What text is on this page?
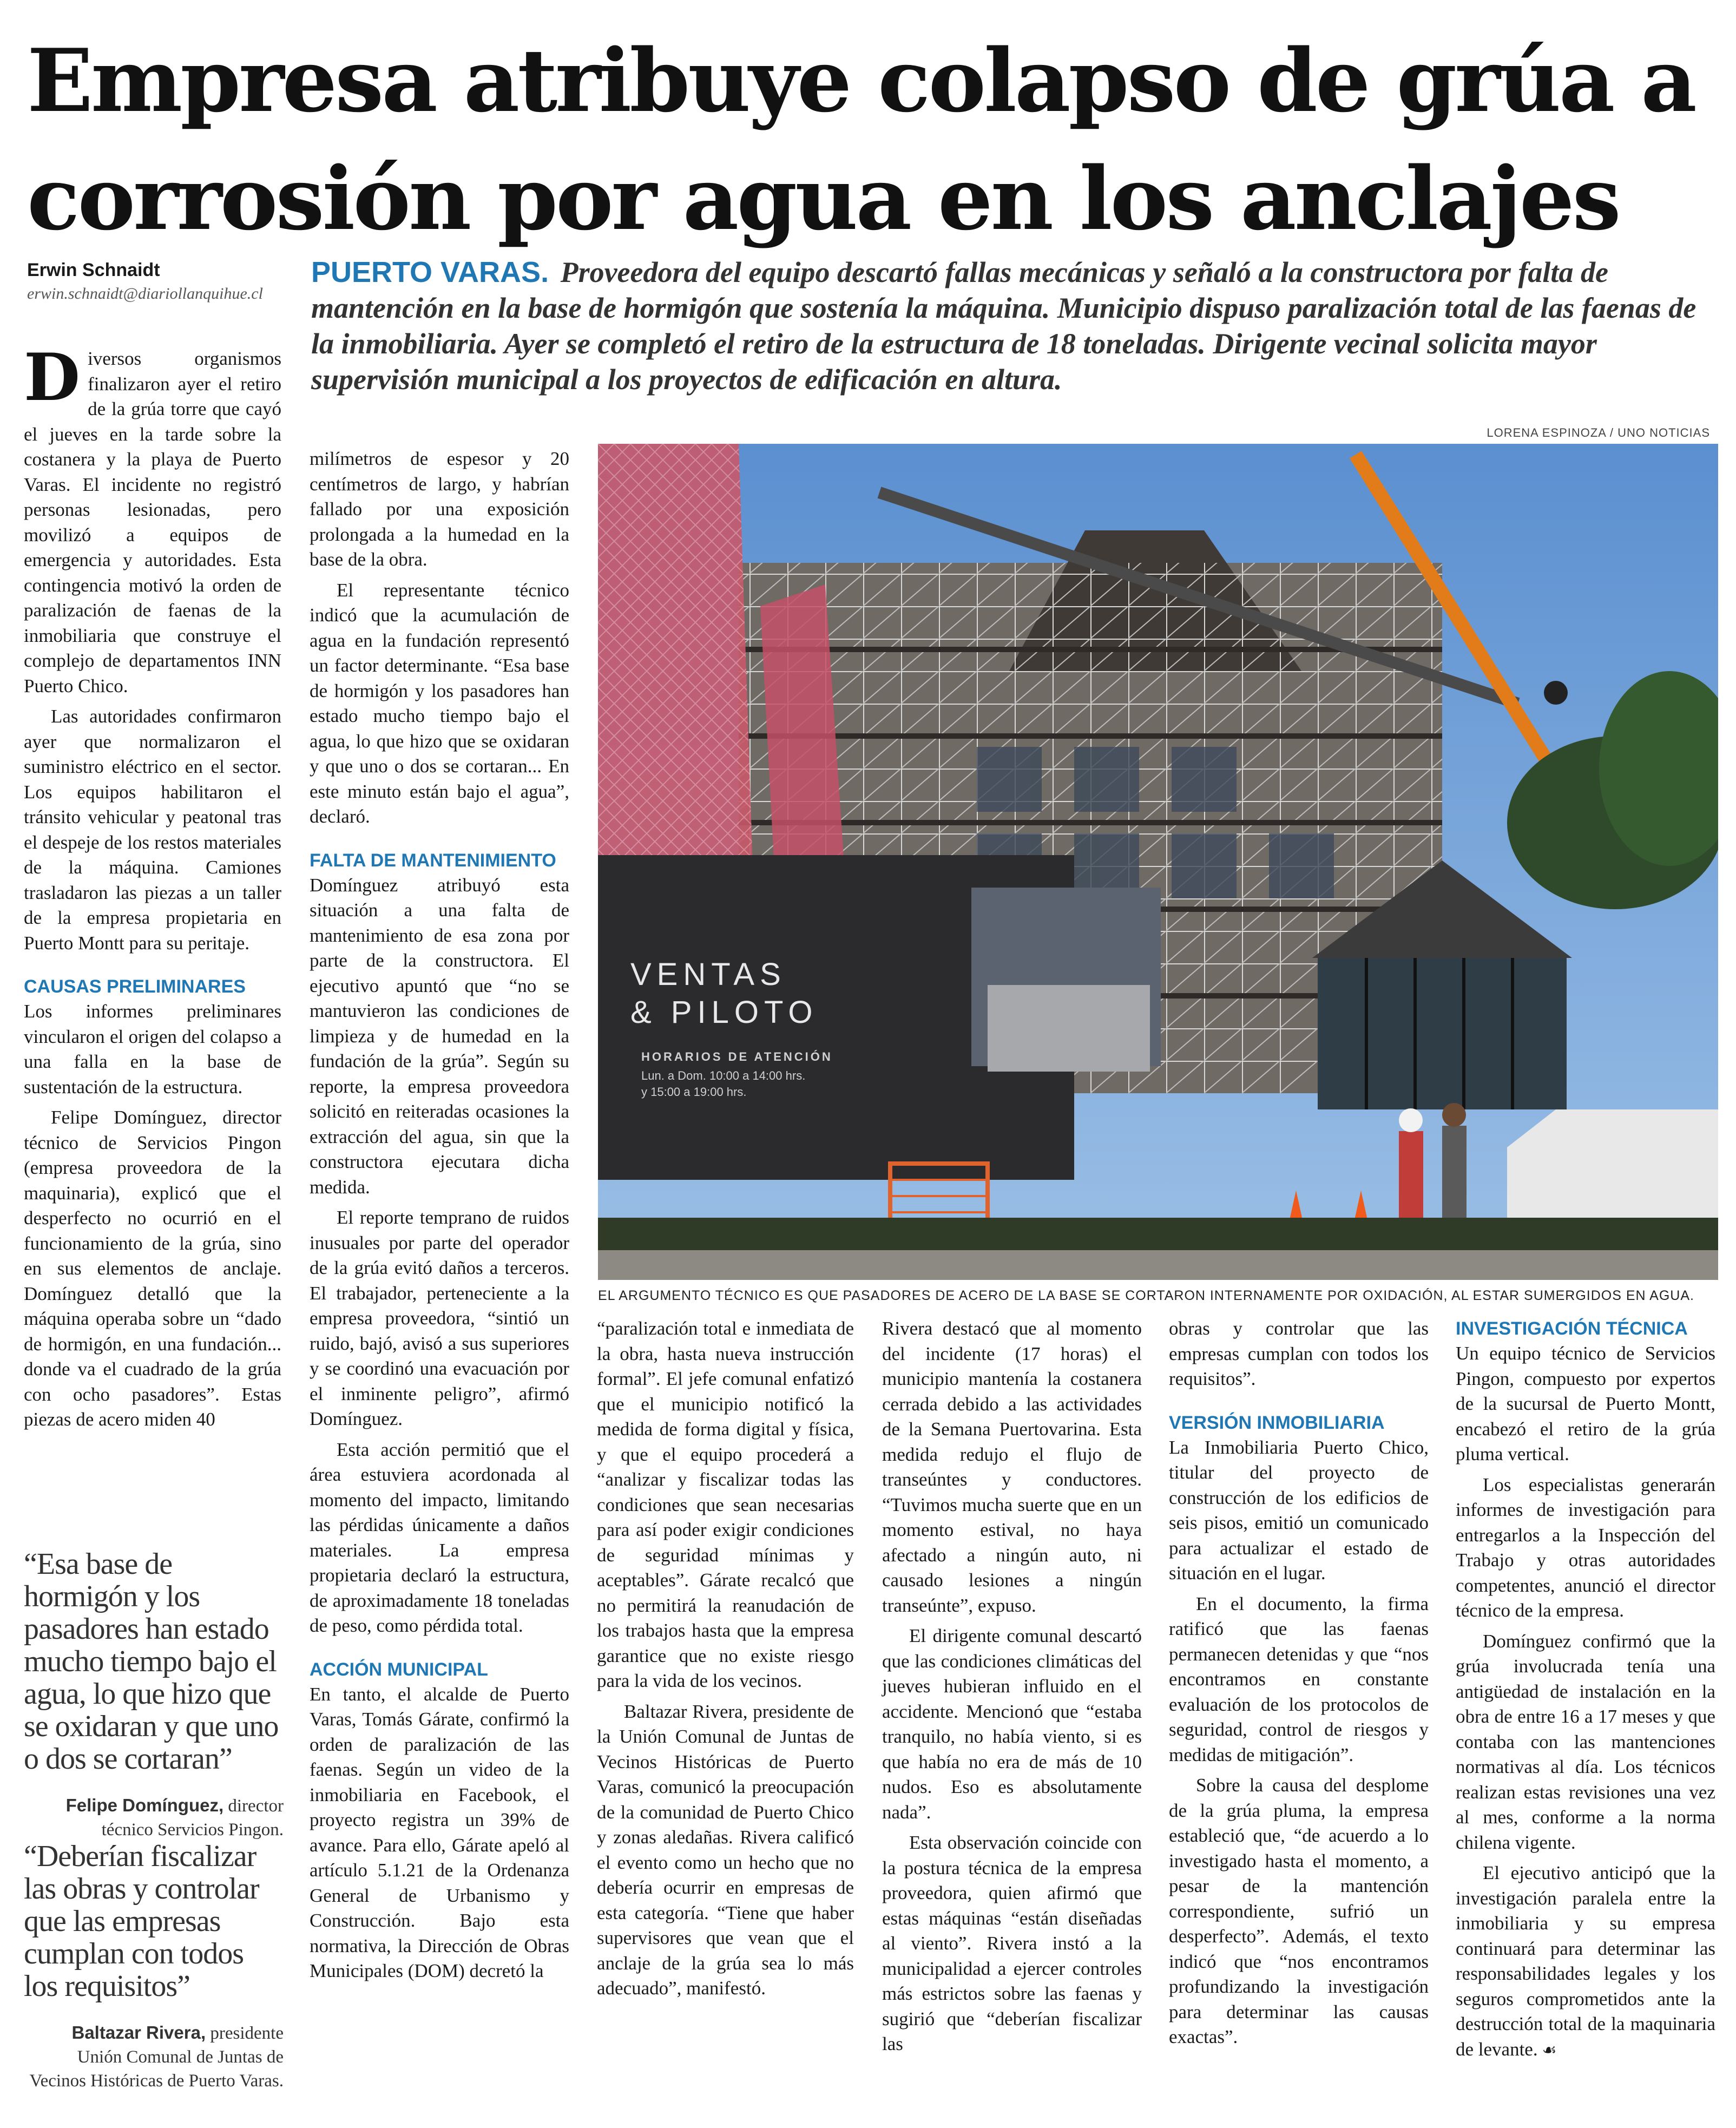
Empresa atribuye colapso de grúa a
corrosión por agua en los anclajes
Erwin Schnaidt
erwin.schnaidt@diariollanquihue.cl
PUERTO VARAS. Proveedora del equipo descartó fallas mecánicas y señaló a la constructora por falta de mantención en la base de hormigón que sostenía la máquina. Municipio dispuso paralización total de las faenas de la inmobiliaria. Ayer se completó el retiro de la estructura de 18 toneladas. Dirigente vecinal solicita mayor supervisión municipal a los proyectos de edificación en altura.
LORENA ESPINOZA / UNO NOTICIAS
VENTAS
& PILOTO
HORARIOS DE ATENCIÓN
Lun. a Dom. 10:00 a 14:00 hrs.
y 15:00 a 19:00 hrs.
EL ARGUMENTO TÉCNICO ES QUE PASADORES DE ACERO DE LA BASE SE CORTARON INTERNAMENTE POR OXIDACIÓN, AL ESTAR SUMERGIDOS EN AGUA.

Diversos organismos finalizaron ayer el retiro de la grúa torre que cayó el jueves en la tarde sobre la costanera y la playa de Puerto Varas. El incidente no registró personas lesionadas, pero movilizó a equipos de emergencia y autoridades. Esta contingencia motivó la orden de paralización de faenas de la inmobiliaria que construye el complejo de departamentos INN Puerto Chico.

Las autoridades confirmaron ayer que normalizaron el suministro eléctrico en el sector. Los equipos habilitaron el tránsito vehicular y peatonal tras el despeje de los restos materiales de la máquina. Camiones trasladaron las piezas a un taller de la empresa propietaria en Puerto Montt para su peritaje.

CAUSAS PRELIMINARES

Los informes preliminares vincularon el origen del colapso a una falla en la base de sustentación de la estructura.

Felipe Domínguez, director técnico de Servicios Pingon (empresa proveedora de la maquinaria), explicó que el desperfecto no ocurrió en el funcionamiento de la grúa, sino en sus elementos de anclaje. Domínguez detalló que la máquina operaba sobre un “dado de hormigón, en una fundación... donde va el cuadrado de la grúa con ocho pasadores”. Estas piezas de acero miden 40

“Esa base de hormigón y los pasadores han estado mucho tiempo bajo el agua, lo que hizo que se oxidaran y que uno o dos se cortaran”
Felipe Domínguez, director técnico Servicios Pingon.
“Deberían fiscalizar las obras y controlar que las empresas cumplan con todos los requisitos”
Baltazar Rivera, presidente Unión Comunal de Juntas de Vecinos Históricas de Puerto Varas.

milímetros de espesor y 20 centímetros de largo, y habrían fallado por una exposición prolongada a la humedad en la base de la obra.

El representante técnico indicó que la acumulación de agua en la fundación representó un factor determinante. “Esa base de hormigón y los pasadores han estado mucho tiempo bajo el agua, lo que hizo que se oxidaran y que uno o dos se cortaran... En este minuto están bajo el agua”, declaró.

FALTA DE MANTENIMIENTO

Domínguez atribuyó esta situación a una falta de mantenimiento de esa zona por parte de la constructora. El ejecutivo apuntó que “no se mantuvieron las condiciones de limpieza y de humedad en la fundación de la grúa”. Según su reporte, la empresa proveedora solicitó en reiteradas ocasiones la extracción del agua, sin que la constructora ejecutara dicha medida.

El reporte temprano de ruidos inusuales por parte del operador de la grúa evitó daños a terceros. El trabajador, perteneciente a la empresa proveedora, “sintió un ruido, bajó, avisó a sus superiores y se coordinó una evacuación por el inminente peligro”, afirmó Domínguez.

Esta acción permitió que el área estuviera acordonada al momento del impacto, limitando las pérdidas únicamente a daños materiales. La empresa propietaria declaró la estructura, de aproximadamente 18 toneladas de peso, como pérdida total.

ACCIÓN MUNICIPAL

En tanto, el alcalde de Puerto Varas, Tomás Gárate, confirmó la orden de paralización de las faenas. Según un video de la inmobiliaria en Facebook, el proyecto registra un 39% de avance. Para ello, Gárate apeló al artículo 5.1.21 de la Ordenanza General de Urbanismo y Construcción. Bajo esta normativa, la Dirección de Obras Municipales (DOM) decretó la

“paralización total e inmediata de la obra, hasta nueva instrucción formal”. El jefe comunal enfatizó que el municipio notificó la medida de forma digital y física, y que el equipo procederá a “analizar y fiscalizar todas las condiciones que sean necesarias para así poder exigir condiciones de seguridad mínimas y aceptables”. Gárate recalcó que no permitirá la reanudación de los trabajos hasta que la empresa garantice que no existe riesgo para la vida de los vecinos.

Baltazar Rivera, presidente de la Unión Comunal de Juntas de Vecinos Históricas de Puerto Varas, comunicó la preocupación de la comunidad de Puerto Chico y zonas aledañas. Rivera calificó el evento como un hecho que no debería ocurrir en empresas de esta categoría. “Tiene que haber supervisores que vean que el anclaje de la grúa sea lo más adecuado”, manifestó.

Rivera destacó que al momento del incidente (17 horas) el municipio mantenía la costanera cerrada debido a las actividades de la Semana Puertovarina. Esta medida redujo el flujo de transeúntes y conductores. “Tuvimos mucha suerte que en un momento estival, no haya afectado a ningún auto, ni causado lesiones a ningún transeúnte”, expuso.

El dirigente comunal descartó que las condiciones climáticas del jueves hubieran influido en el accidente. Mencionó que “estaba tranquilo, no había viento, si es que había no era de más de 10 nudos. Eso es absolutamente nada”.

Esta observación coincide con la postura técnica de la empresa proveedora, quien afirmó que estas máquinas “están diseñadas al viento”. Rivera instó a la municipalidad a ejercer controles más estrictos sobre las faenas y sugirió que “deberían fiscalizar las

obras y controlar que las empresas cumplan con todos los requisitos”.

VERSIÓN INMOBILIARIA

La Inmobiliaria Puerto Chico, titular del proyecto de construcción de los edificios de seis pisos, emitió un comunicado para actualizar el estado de situación en el lugar.

En el documento, la firma ratificó que las faenas permanecen detenidas y que “nos encontramos en constante evaluación de los protocolos de seguridad, control de riesgos y medidas de mitigación”.

Sobre la causa del desplome de la grúa pluma, la empresa estableció que, “de acuerdo a lo investigado hasta el momento, a pesar de la mantención correspondiente, sufrió un desperfecto”. Además, el texto indicó que “nos encontramos profundizando la investigación para determinar las causas exactas”.

INVESTIGACIÓN TÉCNICA

Un equipo técnico de Servicios Pingon, compuesto por expertos de la sucursal de Puerto Montt, encabezó el retiro de la grúa pluma vertical.

Los especialistas generarán informes de investigación para entregarlos a la Inspección del Trabajo y otras autoridades competentes, anunció el director técnico de la empresa.

Domínguez confirmó que la grúa involucrada tenía una antigüedad de instalación en la obra de entre 16 a 17 meses y que contaba con las mantenciones normativas al día. Los técnicos realizan estas revisiones una vez al mes, conforme a la norma chilena vigente.

El ejecutivo anticipó que la investigación paralela entre la inmobiliaria y su empresa continuará para determinar las responsabilidades legales y los seguros comprometidos ante la destrucción total de la maquinaria de levante. ☙
